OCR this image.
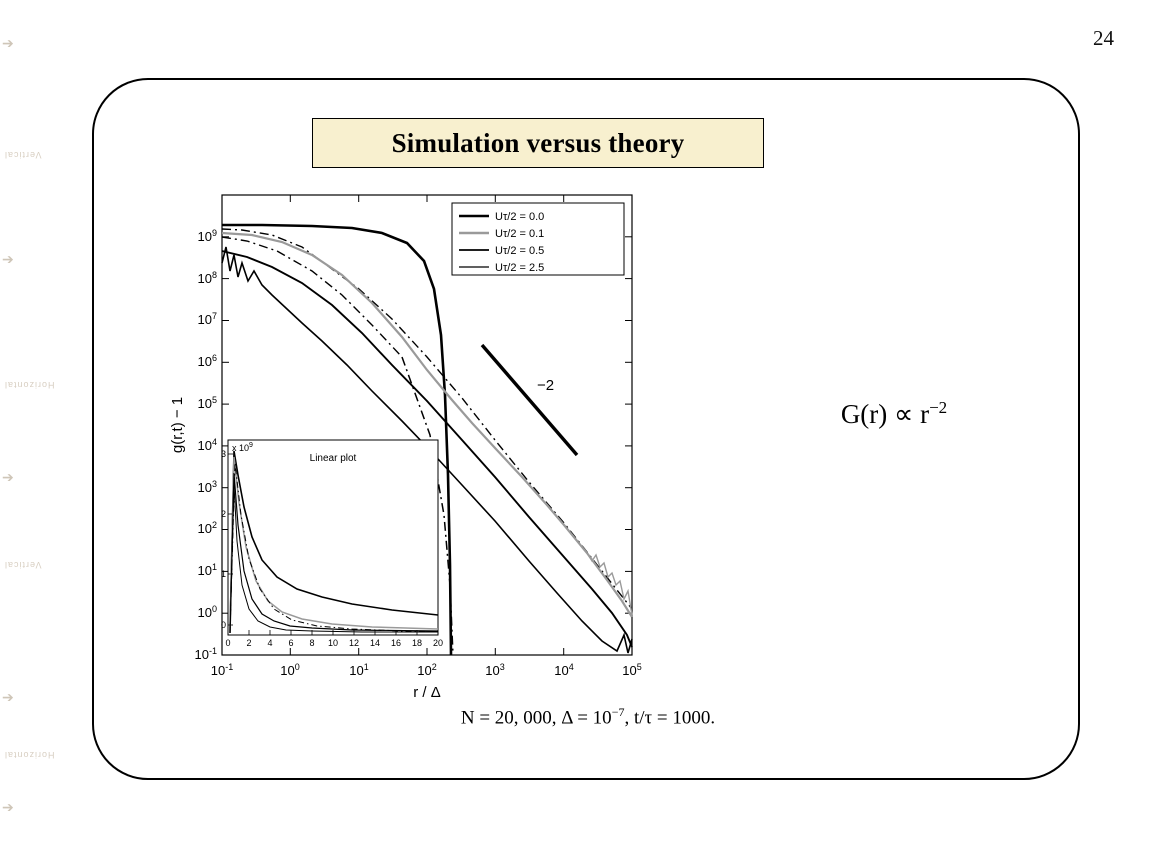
Vertical
Horizontal
Vertical
Horizontal
➔
➔
➔
➔
➔
24
Simulation versus theory
$10^{-1}$
$10^0$
$10^1$
$10^2$
$10^3$
$10^4$
$10^5$
$10^6$
$10^7$
$10^8$
$10^9$
$10^{-1}$	$10^0$	$10^1$	$10^2$	$10^3$	$10^4$	$10^5$
r / Δ
g(r,t) − 1
−2
Uτ/2 = 0.0
Uτ/2 = 0.1
Uτ/2 = 0.5
Uτ/2 = 2.5
Linear plot
x $10^9$
3
2
1
0
0 2 4 6 8 10 12 14 16 18 20
$G(r) \propto r^{-2}$
N = 20, 000, $\Delta = 10^{-7}$, t/τ = 1000.
